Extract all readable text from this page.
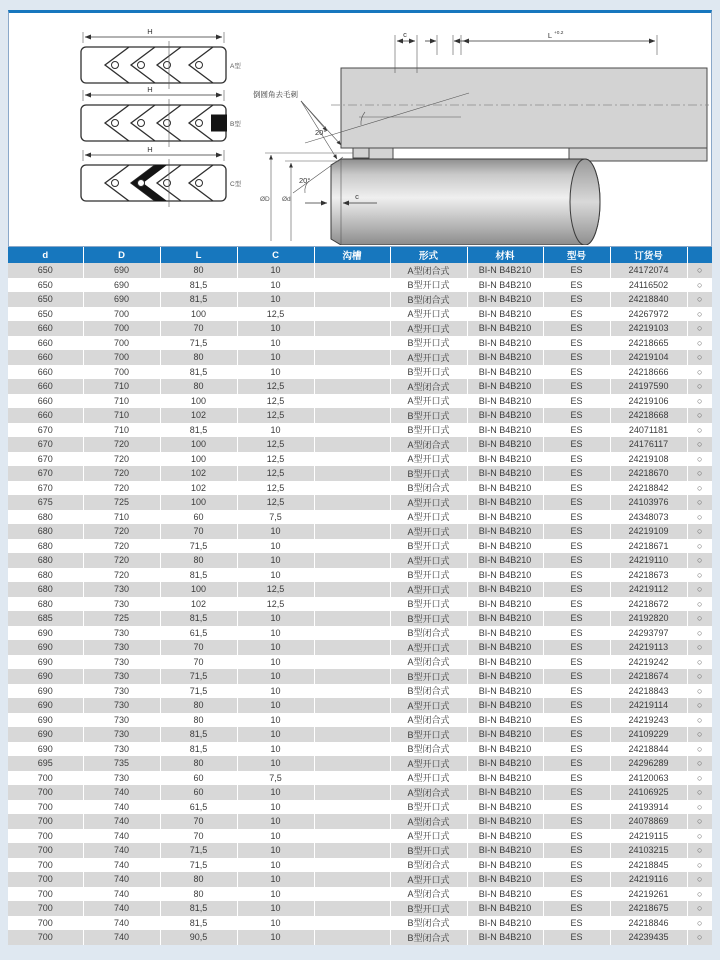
H
A型
H
B型
H
C型
c	L +0.2
倒圆角去毛刺
20°
20°
ØD Ød	c
d	D	L	C	沟槽	形式	材料	型号	订货号	
650	690	80	10		A型闭合式	BI-N B4B210	ES	24172074	○
650	690	81,5	10		B型开口式	BI-N B4B210	ES	24116502	○
650	690	81,5	10		B型闭合式	BI-N B4B210	ES	24218840	○
650	700	100	12,5		A型开口式	BI-N B4B210	ES	24267972	○
660	700	70	10		A型开口式	BI-N B4B210	ES	24219103	○
660	700	71,5	10		B型开口式	BI-N B4B210	ES	24218665	○
660	700	80	10		A型开口式	BI-N B4B210	ES	24219104	○
660	700	81,5	10		B型开口式	BI-N B4B210	ES	24218666	○
660	710	80	12,5		A型闭合式	BI-N B4B210	ES	24197590	○
660	710	100	12,5		A型开口式	BI-N B4B210	ES	24219106	○
660	710	102	12,5		B型开口式	BI-N B4B210	ES	24218668	○
670	710	81,5	10		B型开口式	BI-N B4B210	ES	24071181	○
670	720	100	12,5		A型闭合式	BI-N B4B210	ES	24176117	○
670	720	100	12,5		A型开口式	BI-N B4B210	ES	24219108	○
670	720	102	12,5		B型开口式	BI-N B4B210	ES	24218670	○
670	720	102	12,5		B型闭合式	BI-N B4B210	ES	24218842	○
675	725	100	12,5		A型开口式	BI-N B4B210	ES	24103976	○
680	710	60	7,5		A型开口式	BI-N B4B210	ES	24348073	○
680	720	70	10		A型开口式	BI-N B4B210	ES	24219109	○
680	720	71,5	10		B型开口式	BI-N B4B210	ES	24218671	○
680	720	80	10		A型开口式	BI-N B4B210	ES	24219110	○
680	720	81,5	10		B型开口式	BI-N B4B210	ES	24218673	○
680	730	100	12,5		A型开口式	BI-N B4B210	ES	24219112	○
680	730	102	12,5		B型开口式	BI-N B4B210	ES	24218672	○
685	725	81,5	10		B型开口式	BI-N B4B210	ES	24192820	○
690	730	61,5	10		B型闭合式	BI-N B4B210	ES	24293797	○
690	730	70	10		A型开口式	BI-N B4B210	ES	24219113	○
690	730	70	10		A型闭合式	BI-N B4B210	ES	24219242	○
690	730	71,5	10		B型开口式	BI-N B4B210	ES	24218674	○
690	730	71,5	10		B型闭合式	BI-N B4B210	ES	24218843	○
690	730	80	10		A型开口式	BI-N B4B210	ES	24219114	○
690	730	80	10		A型闭合式	BI-N B4B210	ES	24219243	○
690	730	81,5	10		B型开口式	BI-N B4B210	ES	24109229	○
690	730	81,5	10		B型闭合式	BI-N B4B210	ES	24218844	○
695	735	80	10		A型开口式	BI-N B4B210	ES	24296289	○
700	730	60	7,5		A型开口式	BI-N B4B210	ES	24120063	○
700	740	60	10		A型闭合式	BI-N B4B210	ES	24106925	○
700	740	61,5	10		B型开口式	BI-N B4B210	ES	24193914	○
700	740	70	10		A型闭合式	BI-N B4B210	ES	24078869	○
700	740	70	10		A型开口式	BI-N B4B210	ES	24219115	○
700	740	71,5	10		B型开口式	BI-N B4B210	ES	24103215	○
700	740	71,5	10		B型闭合式	BI-N B4B210	ES	24218845	○
700	740	80	10		A型开口式	BI-N B4B210	ES	24219116	○
700	740	80	10		A型闭合式	BI-N B4B210	ES	24219261	○
700	740	81,5	10		B型开口式	BI-N B4B210	ES	24218675	○
700	740	81,5	10		B型闭合式	BI-N B4B210	ES	24218846	○
700	740	90,5	10		B型闭合式	BI-N B4B210	ES	24239435	○
